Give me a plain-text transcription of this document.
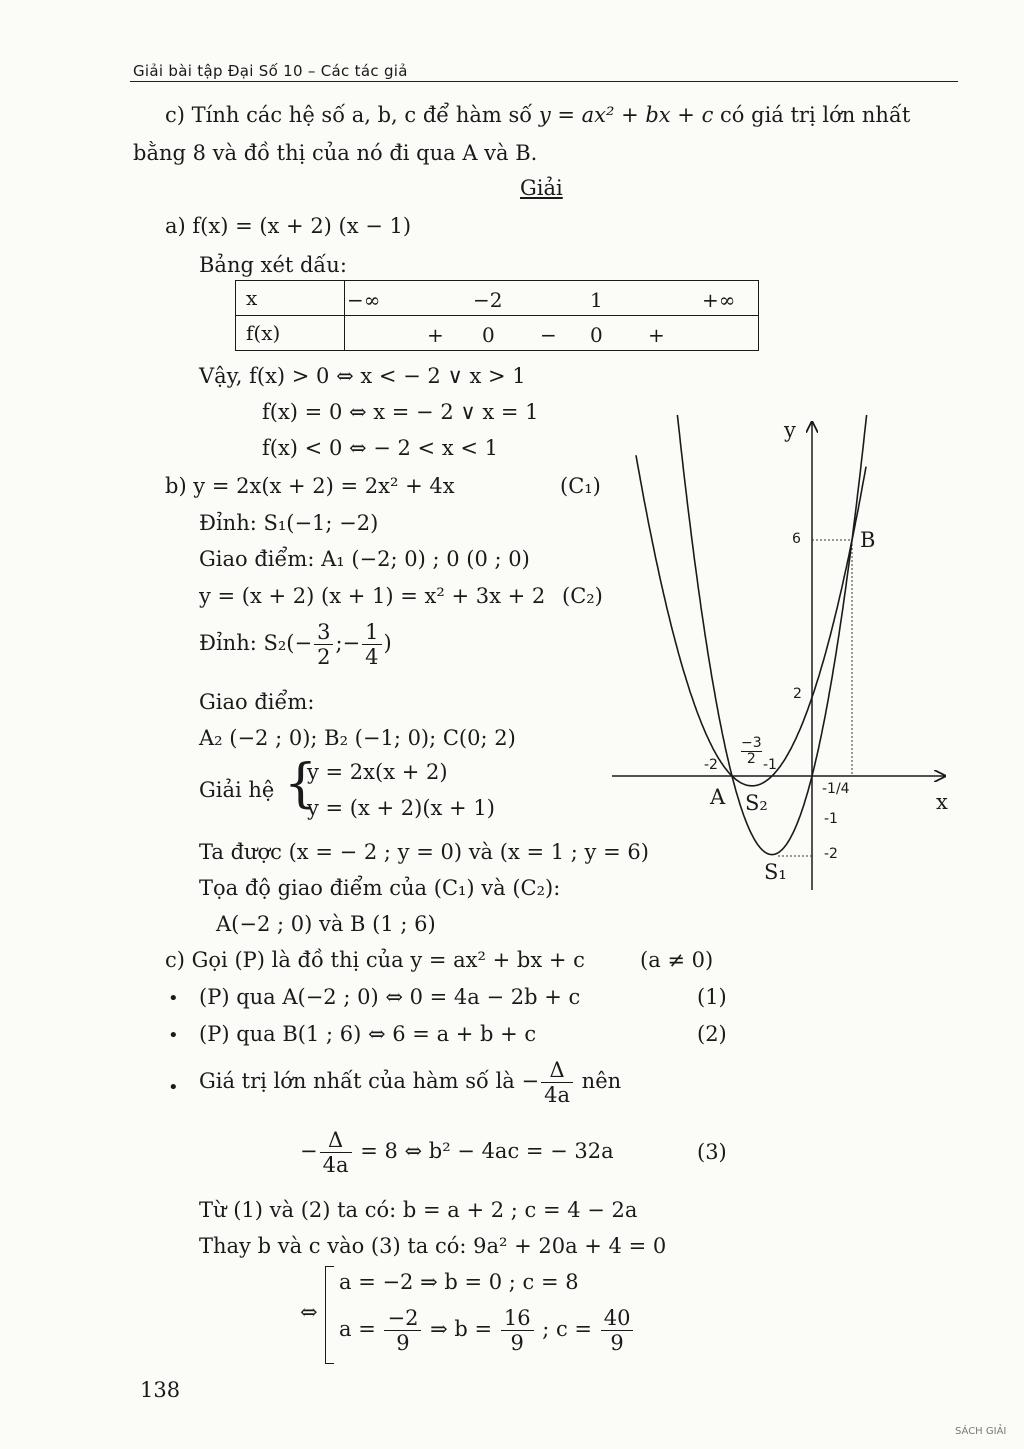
Giải bài tập Đại Số 10 – Các tác giả
c) Tính các hệ số a, b, c để hàm số y = ax² + bx + c có giá trị lớn nhất
bằng 8 và đồ thị của nó đi qua A và B.
Giải
a) f(x) = (x + 2) (x − 1)
Bảng xét dấu:
x	−∞ −2 1 +∞

f(x)	+ 0 − 0 +
Vậy, f(x) > 0 ⇔ x < − 2 ∨ x > 1
f(x) = 0 ⇔ x = − 2 ∨ x = 1
f(x) < 0 ⇔ − 2 < x < 1
b) y = 2x(x + 2) = 2x² + 4x	(C₁)
Đỉnh: S₁(−1; −2)
Giao điểm: A₁ (−2; 0) ; 0 (0 ; 0)
y = (x + 2) (x + 1) = x² + 3x + 2 (C₂)
Đỉnh: $S_2(- \frac{3}{2}$ ;− $\frac{1}{4}$ )
Giao điểm:
A₂ (−2 ; 0); B₂ (−1; 0); C(0; 2)
Giải hệ {
y = 2x(x + 2)
y = (x + 2)(x + 1)
Ta được (x = − 2 ; y = 0) và (x = 1 ; y = 6)
Tọa độ giao điểm của (C₁) và (C₂):
A(−2 ; 0) và B (1 ; 6)
c) Gọi (P) là đồ thị của y = ax² + bx + c	(a ≠ 0)
• (P) qua A(−2 ; 0) ⇔ 0 = 4a − 2b + c	(1)
• (P) qua B(1 ; 6) ⇔ 6 = a + b + c	(2)
• Giá trị lớn nhất của hàm số là − $\frac{\Delta}{4a}$ nên
− $\frac{\Delta}{4a} = 8$ ⇔ b² − 4ac = − 32a	(3)
Từ (1) và (2) ta có: b = a + 2 ; c = 4 − 2a
Thay b và c vào (3) ta có: 9a² + 20a + 4 = 0
⇔
a = −2 ⇒ b = 0 ; c = 8
$a = \frac{-2}{9}$ ⇒ $b = \frac{16}{9}$ ; $c = \frac{40}{9}$
138
SÁCH GIẢI
y
x
6	B
2
-2
−3
2 -1
A S₂
-1/4
-1
-2
S₁
